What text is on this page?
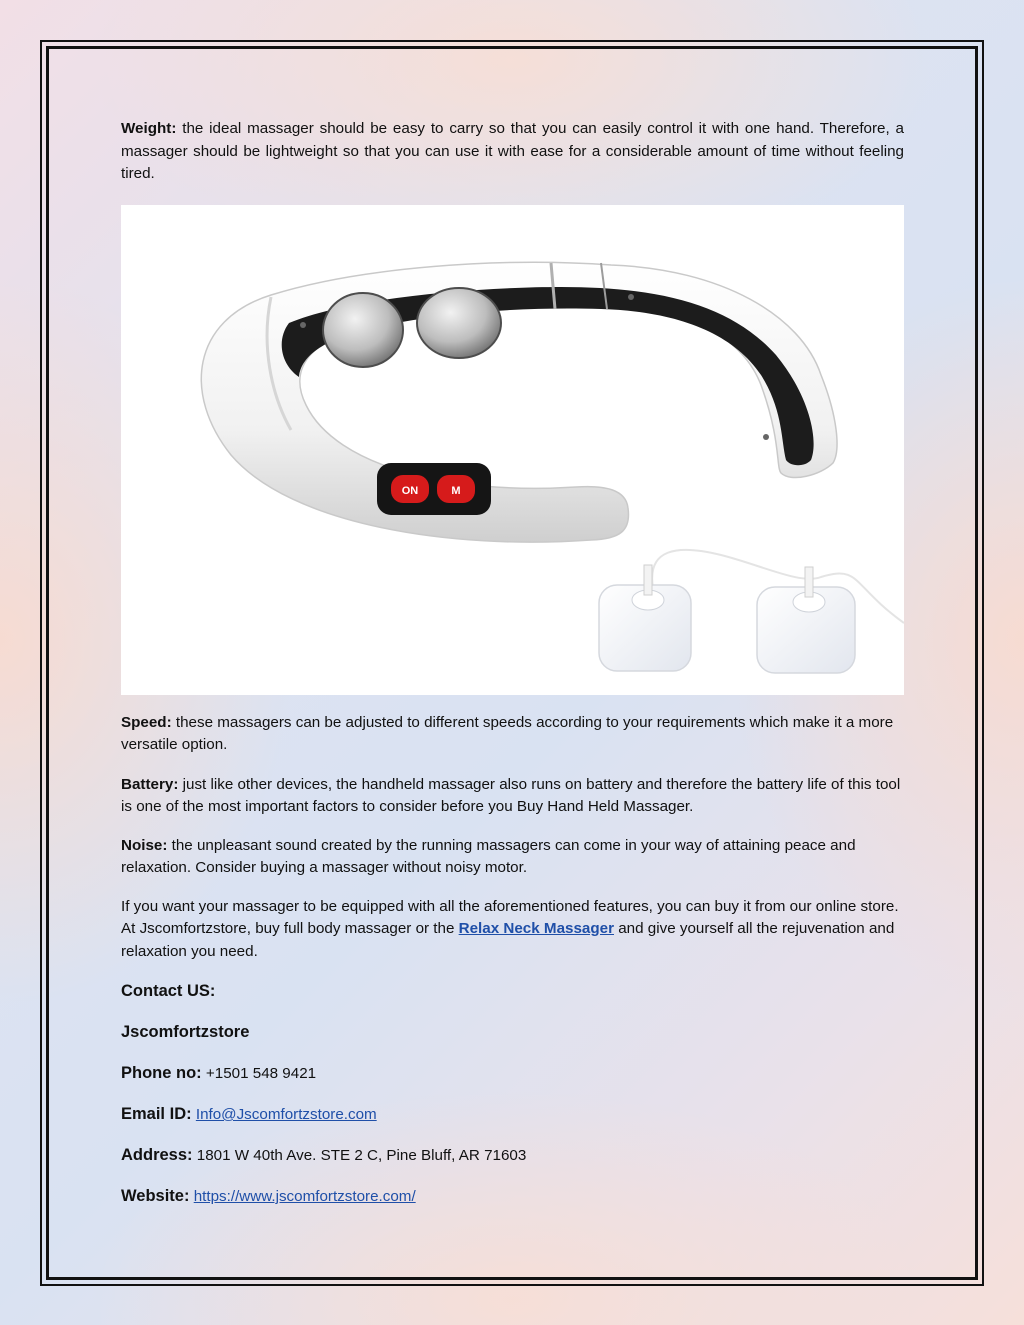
Weight: the ideal massager should be easy to carry so that you can easily control it with one hand. Therefore, a massager should be lightweight so that you can use it with ease for a considerable amount of time without feeling tired.

ON	M

Speed: these massagers can be adjusted to different speeds according to your requirements which make it a more versatile option.

Battery: just like other devices, the handheld massager also runs on battery and therefore the battery life of this tool is one of the most important factors to consider before you Buy Hand Held Massager.

Noise: the unpleasant sound created by the running massagers can come in your way of attaining peace and relaxation. Consider buying a massager without noisy motor.

If you want your massager to be equipped with all the aforementioned features, you can buy it from our online store. At Jscomfortzstore, buy full body massager or the Relax Neck Massager and give yourself all the rejuvenation and relaxation you need.

Contact US:

Jscomfortzstore

Phone no: +1501 548 9421

Email ID: Info@Jscomfortzstore.com

Address: 1801 W 40th Ave. STE 2 C, Pine Bluff, AR 71603

Website: https://www.jscomfortzstore.com/
